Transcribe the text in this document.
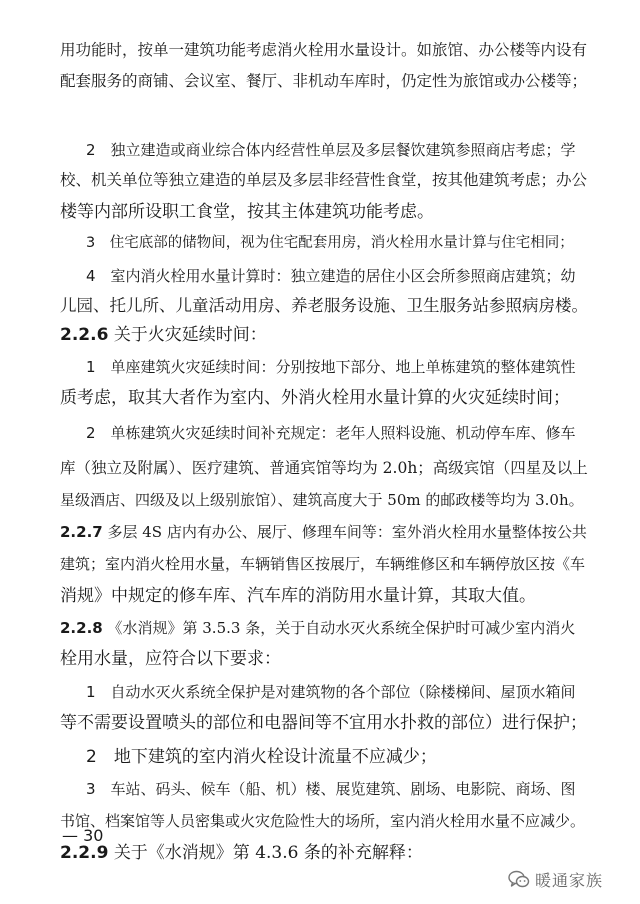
用功能时，按单一建筑功能考虑消火栓用水量设计。如旅馆、办公楼等内设有
配套服务的商铺、会议室、餐厅、非机动车库时，仍定性为旅馆或办公楼等；
2  独立建造或商业综合体内经营性单层及多层餐饮建筑参照商店考虑；学
校、机关单位等独立建造的单层及多层非经营性食堂，按其他建筑考虑；办公
楼等内部所设职工食堂，按其主体建筑功能考虑。
3  住宅底部的储物间，视为住宅配套用房，消火栓用水量计算与住宅相同；
4  室内消火栓用水量计算时：独立建造的居住小区会所参照商店建筑；幼
儿园、托儿所、儿童活动用房、养老服务设施、卫生服务站参照病房楼。
2.2.6 关于火灾延续时间：
1  单座建筑火灾延续时间：分别按地下部分、地上单栋建筑的整体建筑性
质考虑，取其大者作为室内、外消火栓用水量计算的火灾延续时间；
2  单栋建筑火灾延续时间补充规定：老年人照料设施、机动停车库、修车
库（独立及附属）、医疗建筑、普通宾馆等均为 2.0h；高级宾馆（四星及以上
星级酒店、四级及以上级别旅馆）、建筑高度大于 50m 的邮政楼等均为 3.0h。
2.2.7 多层 4S 店内有办公、展厅、修理车间等：室外消火栓用水量整体按公共
建筑；室内消火栓用水量，车辆销售区按展厅，车辆维修区和车辆停放区按《车
消规》中规定的修车库、汽车库的消防用水量计算，其取大值。
2.2.8 《水消规》第 3.5.3 条，关于自动水灭火系统全保护时可减少室内消火
栓用水量，应符合以下要求：
1  自动水灭火系统全保护是对建筑物的各个部位（除楼梯间、屋顶水箱间
等不需要设置喷头的部位和电器间等不宜用水扑救的部位）进行保护；
2  地下建筑的室内消火栓设计流量不应减少；
3  车站、码头、候车（船、机）楼、展览建筑、剧场、电影院、商场、图
书馆、档案馆等人员密集或火灾危险性大的场所，室内消火栓用水量不应减少。
2.2.9 关于《水消规》第 4.3.6 条的补充解释：
— 30
暖通家族
